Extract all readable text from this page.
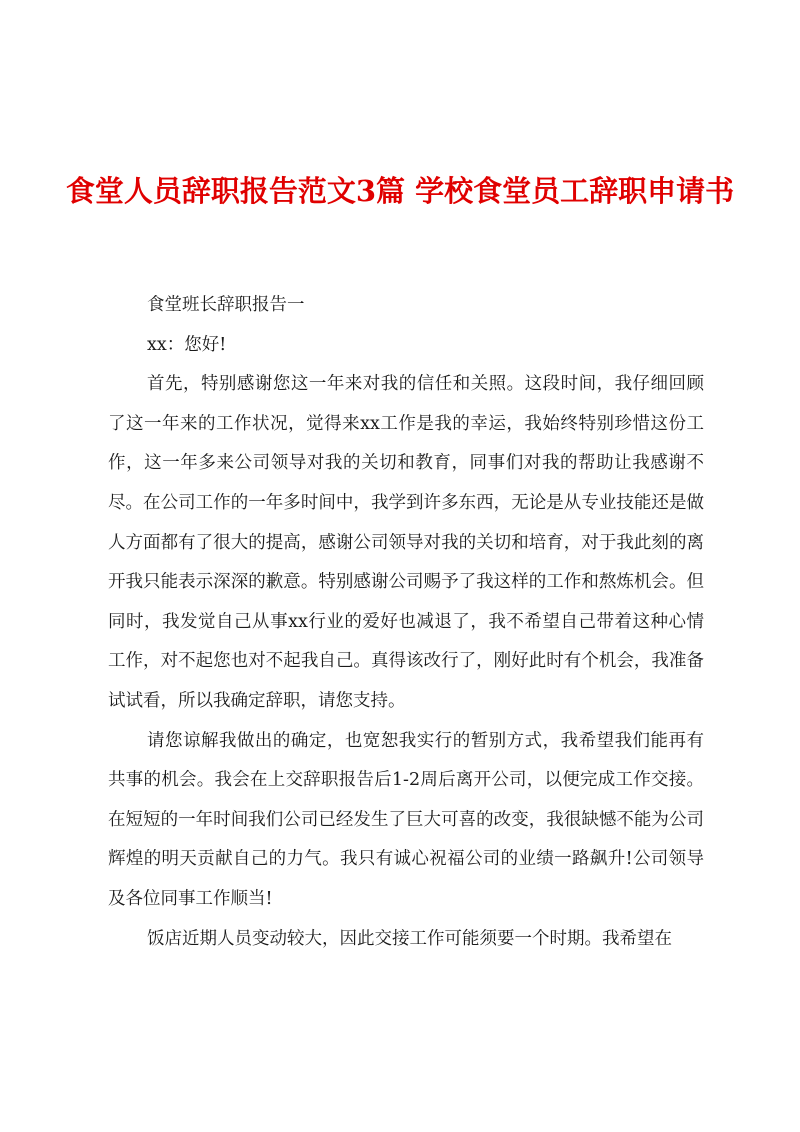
食堂人员辞职报告范文3篇 学校食堂员工辞职申请书

食堂班长辞职报告一

xx：您好!

首先，特别感谢您这一年来对我的信任和关照。这段时间，我仔细回顾了这一年来的工作状况，觉得来xx工作是我的幸运，我始终特别珍惜这份工作，这一年多来公司领导对我的关切和教育，同事们对我的帮助让我感谢不尽。在公司工作的一年多时间中，我学到许多东西，无论是从专业技能还是做人方面都有了很大的提高，感谢公司领导对我的关切和培育，对于我此刻的离开我只能表示深深的歉意。特别感谢公司赐予了我这样的工作和熬炼机会。但同时，我发觉自己从事xx行业的爱好也减退了，我不希望自己带着这种心情工作，对不起您也对不起我自己。真得该改行了，刚好此时有个机会，我准备试试看，所以我确定辞职，请您支持。

请您谅解我做出的确定，也宽恕我实行的暂别方式，我希望我们能再有共事的机会。我会在上交辞职报告后1-2周后离开公司，以便完成工作交接。在短短的一年时间我们公司已经发生了巨大可喜的改变，我很缺憾不能为公司辉煌的明天贡献自己的力气。我只有诚心祝福公司的业绩一路飙升!公司领导及各位同事工作顺当!

饭店近期人员变动较大，因此交接工作可能须要一个时期。我希望在
